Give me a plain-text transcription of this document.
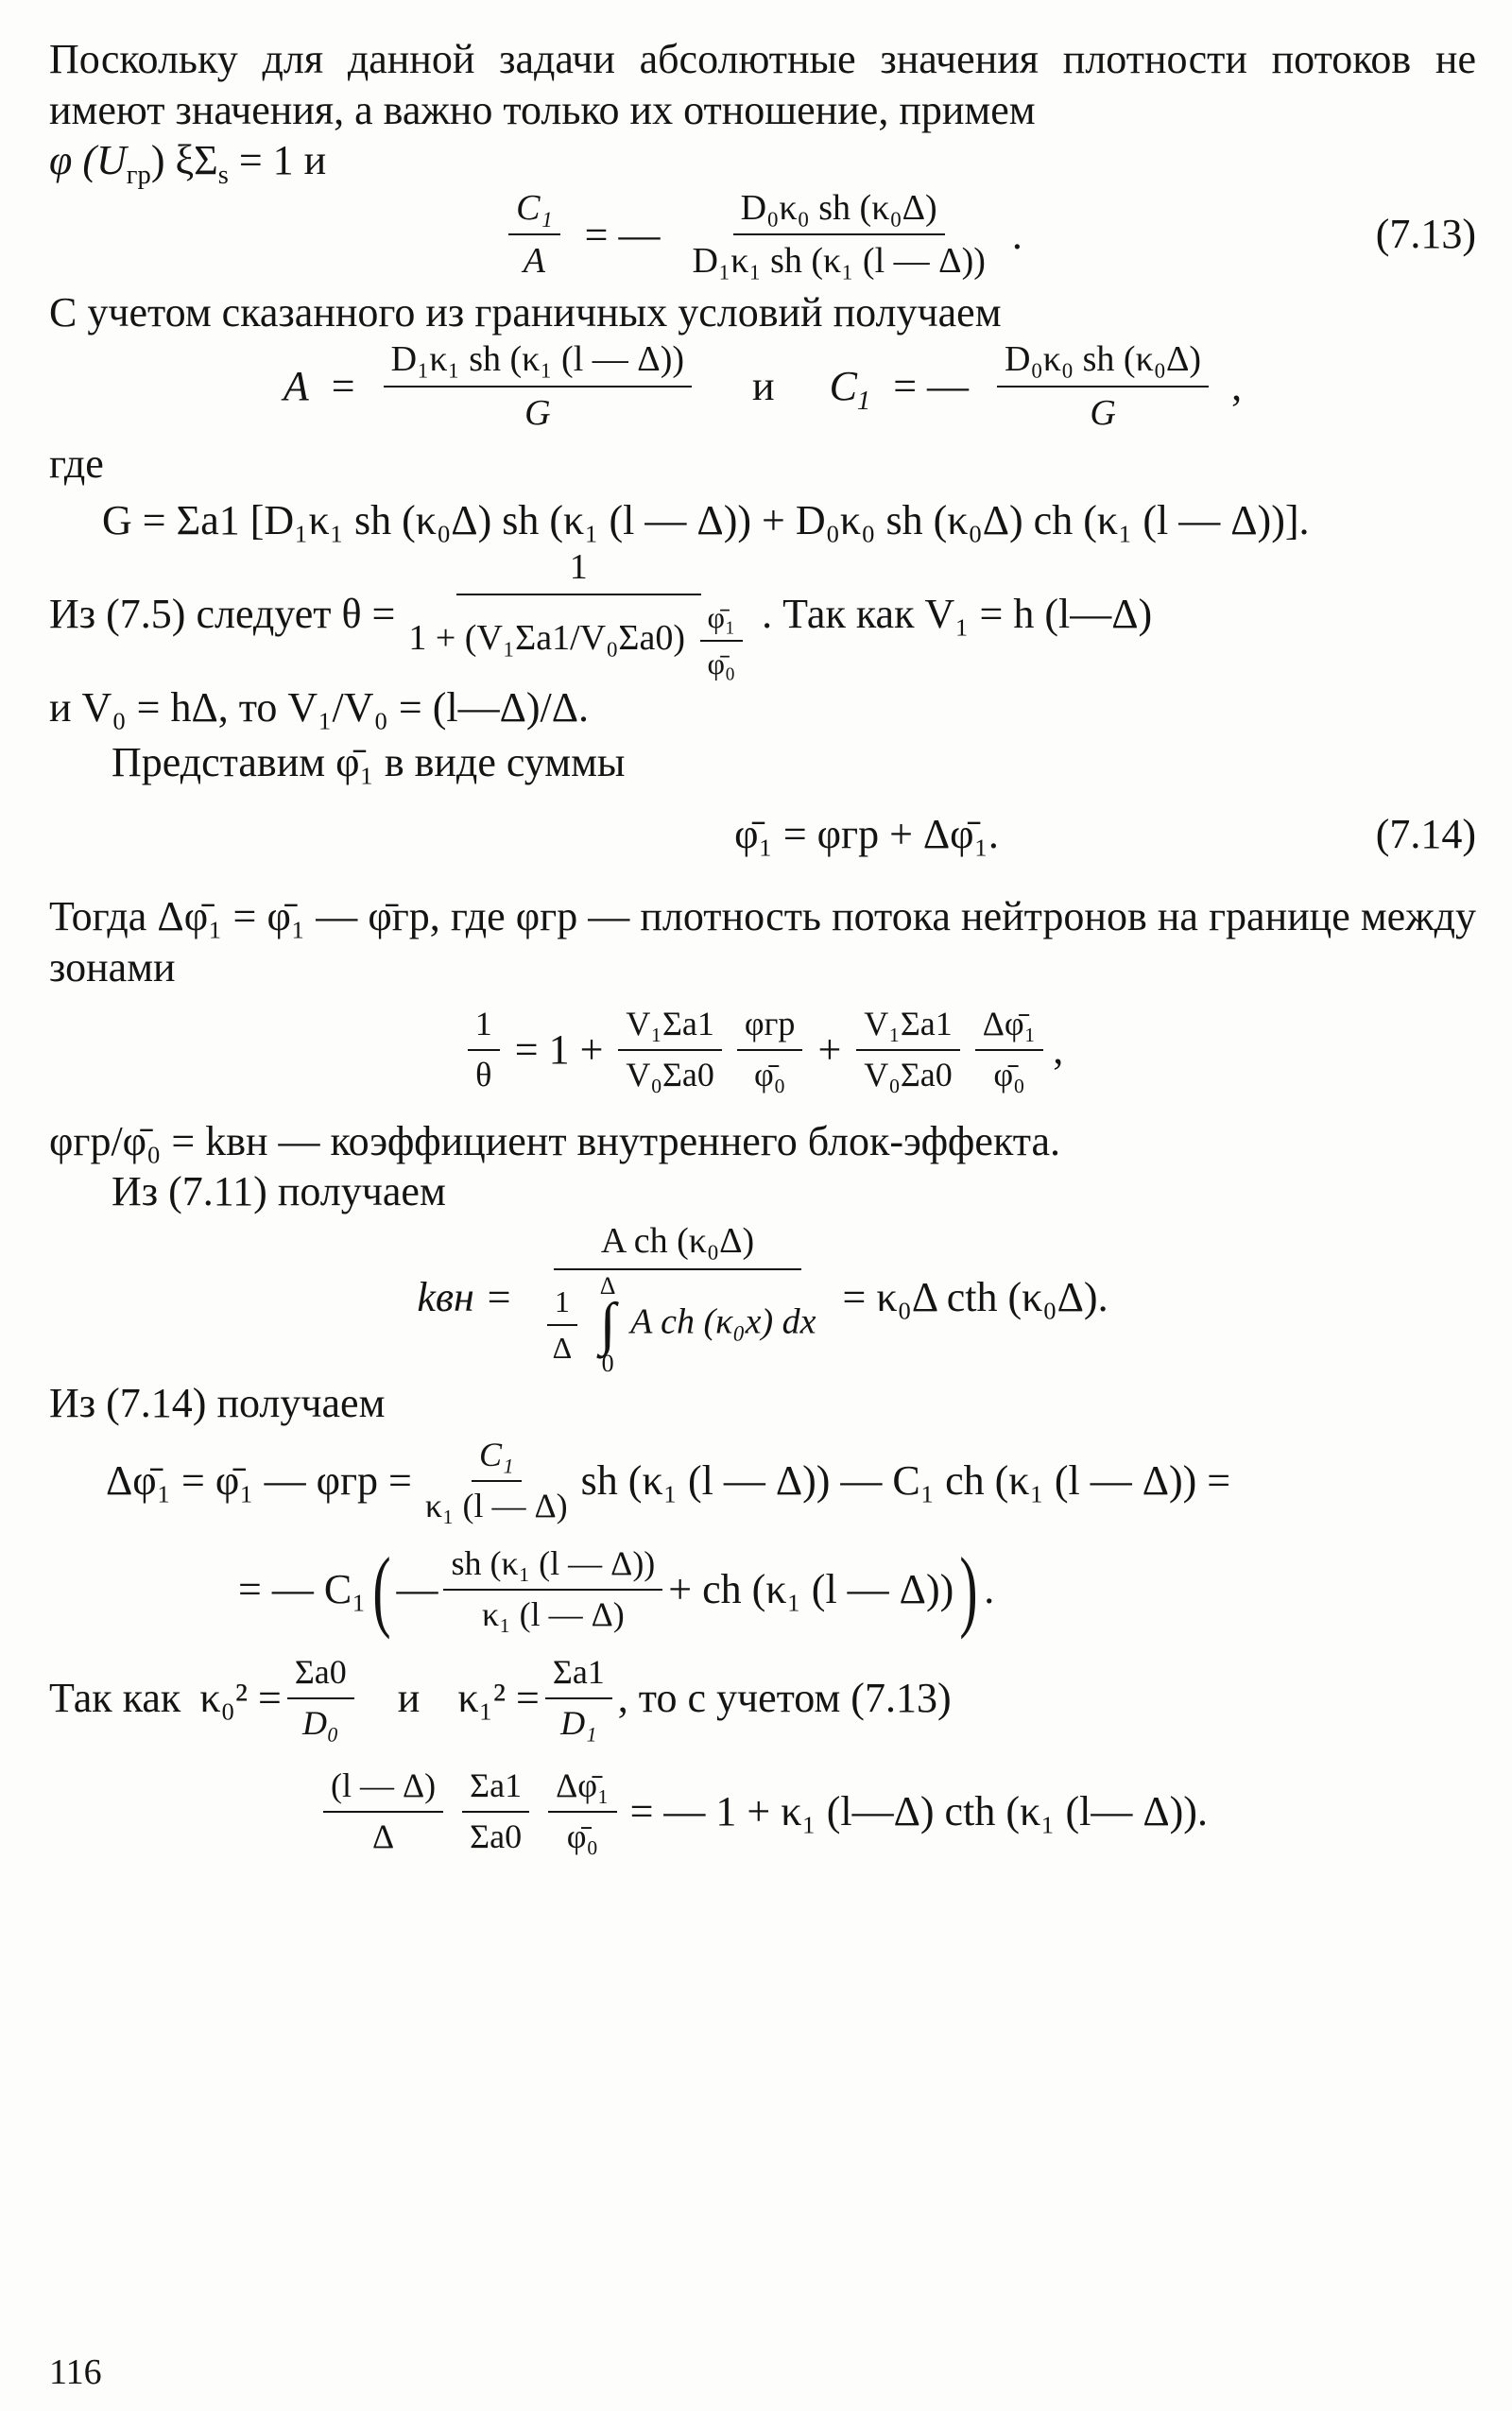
Поскольку для данной задачи абсолютные значения плотности потоков не имеют значения, а важно только их отношение, примем

φ $(U_{гр}) \xi\Sigma_s = 1$ и

$\frac{\text{C₁}}{A}$ = — $\frac{\text{D₀κ₀ sh (κ₀Δ)}}{\text{D₁κ₁ sh (κ₁ (l — Δ))}}$ .	(7.13)

С учетом сказанного из граничных условий получаем

$A = \frac{\text{D₁κ₁ sh (κ₁ (l — Δ))}}{G}$ и $C_1$ = — $\frac{\text{D₀κ₀ sh (κ₀Δ)}}{G}$ ,

где

G = Σa1 [D₁κ₁ sh (κ₀Δ) sh (κ₁ (l — Δ)) + D₀κ₀ sh (κ₀Δ) ch (κ₁ (l — Δ))].

Из (7.5) следует $\theta = \frac{1}{1 + (V_1\Sigma a1/V_0\Sigma a0) \frac{\text{φ̄₁}}{\text{φ̄₀}}}$ . Так как V₁ = h (l—Δ)

и V₀ = hΔ, то V₁/V₀ = (l—Δ)/Δ.

Представим φ̄₁ в виде суммы

φ̄₁ = φгр + Δφ̄₁.	(7.14)

Тогда Δφ̄₁ = φ̄₁ — φ̄гр, где φгр — плотность потока нейтронов на границе между зонами

$\frac{1}{\theta} = 1 + \frac{\text{V₁Σa1}}{\text{V₀Σa0}} \frac{\text{φгр}}{\text{φ̄₀}} + \frac{\text{V₁Σa1}}{\text{V₀Σa0}} \frac{\text{Δφ̄₁}}{\text{φ̄₀}}$ ,

φгр/φ̄₀ = kвн — коэффициент внутреннего блок-эффекта.

Из (7.11) получаем

kвн =
A ch (κ₀Δ)
$\frac{1}{\Delta}$
Δ
∫
0
A ch (κ₀x) dx
= κ₀Δ cth (κ₀Δ).

Из (7.14) получаем

Δφ̄₁ = φ̄₁ — $\varphi гр = \frac{\text{C₁}}{\text{κ₁ (l — Δ)}}$ sh (κ₁ (l — Δ)) — C₁ ch (κ₁ (l — Δ)) =
= — C₁ ( — $\frac{\text{sh (κ₁ (l — Δ))}}{\text{κ₁ (l — Δ)}}$ + ch (κ₁ (l — Δ)) ) .
Так как $\kappa_0^2 = \frac{\Sigma a0}{\text{D₀}}$ и $\kappa_1^2 = \frac{\Sigma a1}{\text{D₁}}$ , то с учетом (7.13)
$\frac{(l — \Delta)}{\Delta} \frac{\Sigma a1}{\Sigma a0} \frac{\text{Δφ̄₁}}{\text{φ̄₀}}$ = — 1 + κ₁ (l—Δ) cth (κ₁ (l— Δ)).
116
